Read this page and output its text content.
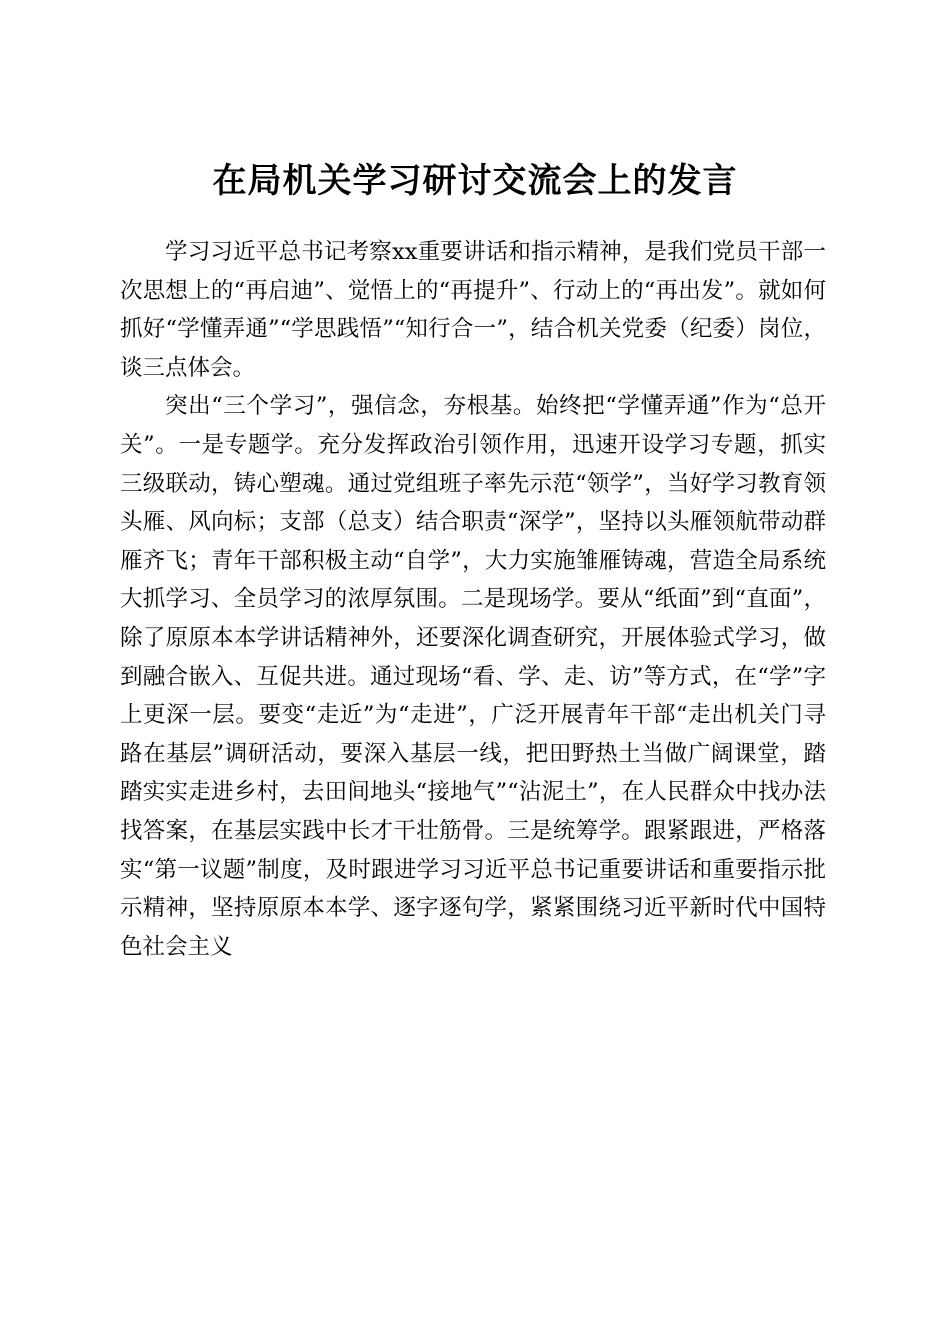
在局机关学习研讨交流会上的发言

学习习近平总书记考察xx重要讲话和指示精神，是我们党员干部一次思想上的“再启迪”、觉悟上的“再提升”、行动上的“再出发”。就如何抓好“学懂弄通”“学思践悟”“知行合一”，结合机关党委（纪委）岗位，谈三点体会。

突出“三个学习”，强信念，夯根基。始终把“学懂弄通”作为“总开关”。一是专题学。充分发挥政治引领作用，迅速开设学习专题，抓实三级联动，铸心塑魂。通过党组班子率先示范“领学”，当好学习教育领头雁、风向标；支部（总支）结合职责“深学”，坚持以头雁领航带动群雁齐飞；青年干部积极主动“自学”，大力实施雏雁铸魂，营造全局系统大抓学习、全员学习的浓厚氛围。二是现场学。要从“纸面”到“直面”，除了原原本本学讲话精神外，还要深化调查研究，开展体验式学习，做到融合嵌入、互促共进。通过现场“看、学、走、访”等方式，在“学”字上更深一层。要变“走近”为“走进”，广泛开展青年干部“走出机关门寻路在基层”调研活动，要深入基层一线，把田野热土当做广阔课堂，踏踏实实走进乡村，去田间地头“接地气”“沾泥土”，在人民群众中找办法找答案，在基层实践中长才干壮筋骨。三是统筹学。跟紧跟进，严格落实“第一议题”制度，及时跟进学习习近平总书记重要讲话和重要指示批示精神，坚持原原本本学、逐字逐句学，紧紧围绕习近平新时代中国特色社会主义
